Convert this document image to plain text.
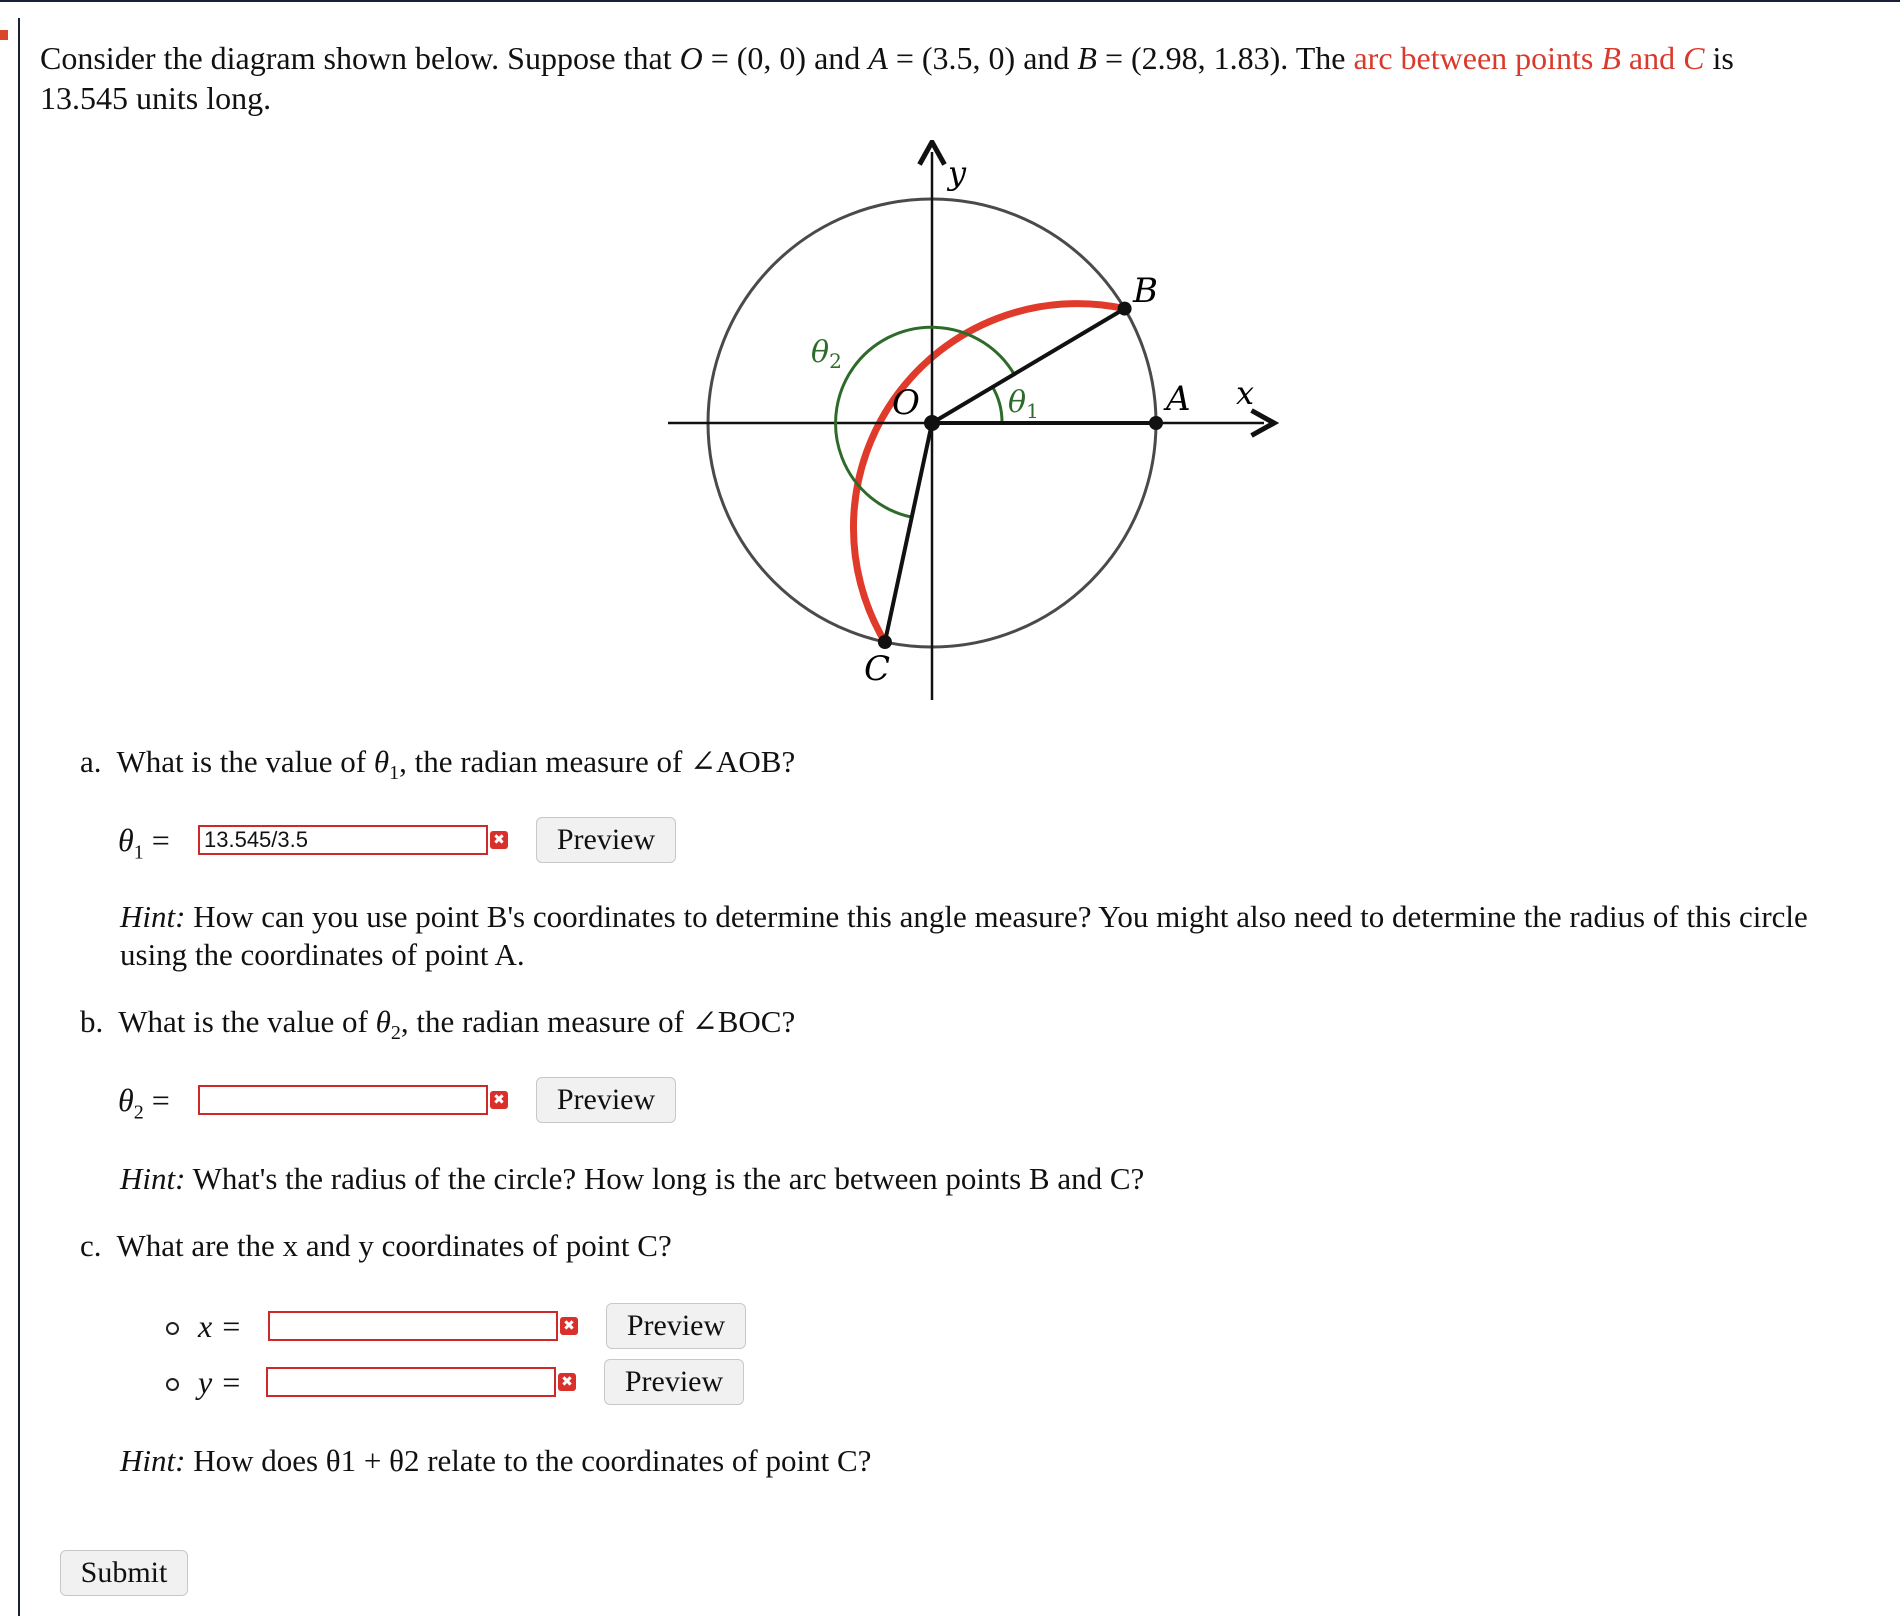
Consider the diagram shown below. Suppose that O = (0, 0) and A = (3.5, 0) and B = (2.98, 1.83). The arc between points B and C is
13.545 units long.
y
x
B
A
O
C
$\theta_1$
$\theta_2$
a. What is the value of $\theta_1$, the radian measure of ∠AOB?
$\theta_1$ =
13.545/3.5	✖	Preview
Hint: How can you use point B's coordinates to determine this angle measure? You might also need to determine the radius of this circle
using the coordinates of point A.
b. What is the value of $\theta_2$, the radian measure of ∠BOC?
$\theta_2$ =	✖	Preview
Hint: What's the radius of the circle? How long is the arc between points B and C?
c. What are the x and y coordinates of point C?
x =	✖	Preview
y =	✖	Preview
Hint: How does θ1 + θ2 relate to the coordinates of point C?
Submit
